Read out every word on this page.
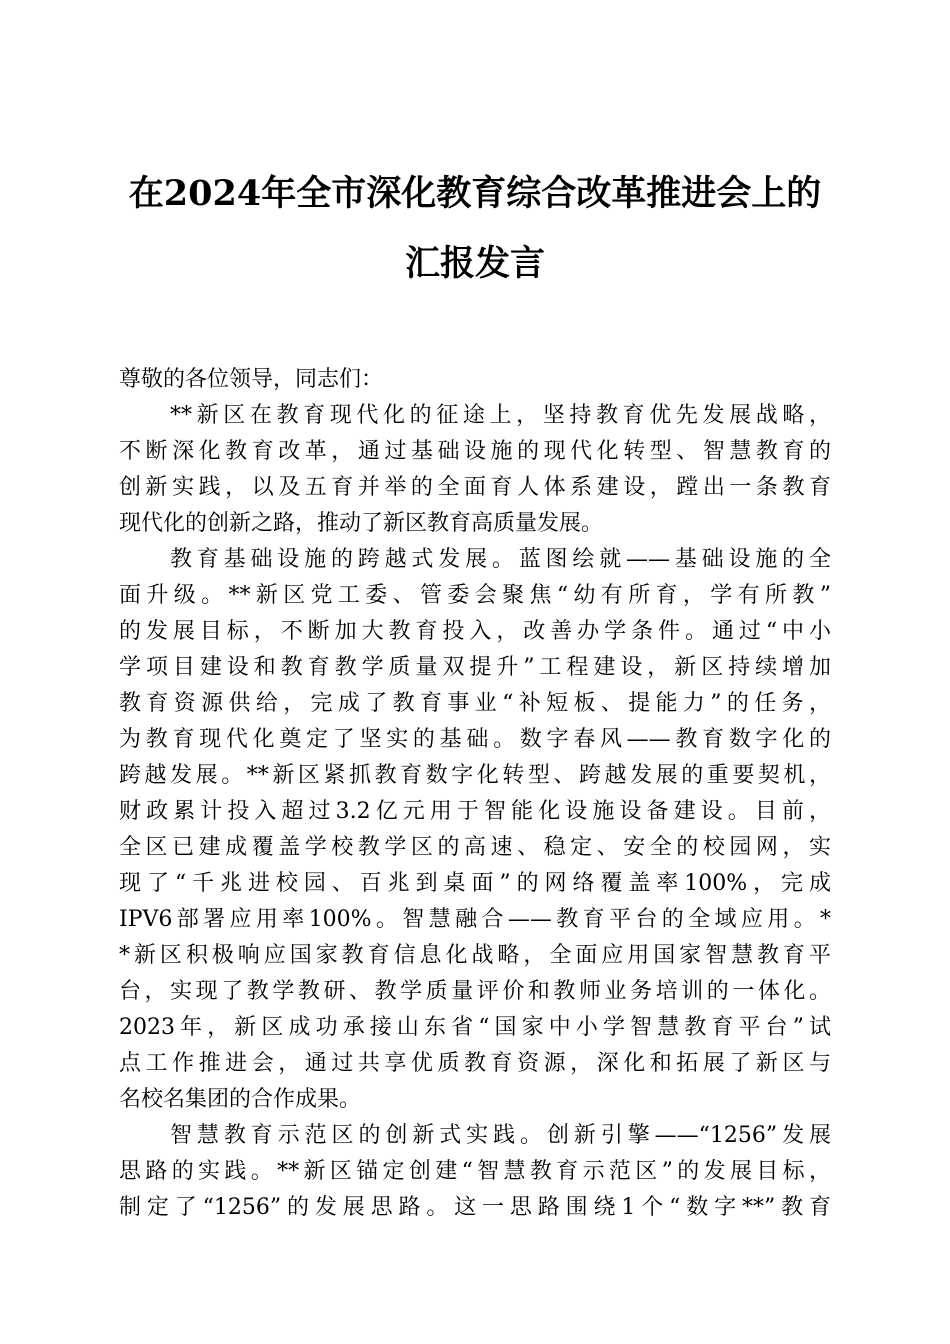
在2024年全市深化教育综合改革推进会上的
汇报发言
尊敬的各位领导，同志们：
**新区在教育现代化的征途上，坚持教育优先发展战略，
不断深化教育改革，通过基础设施的现代化转型、智慧教育的
创新实践，以及五育并举的全面育人体系建设，蹚出一条教育
现代化的创新之路，推动了新区教育高质量发展。
教育基础设施的跨越式发展。蓝图绘就——基础设施的全
面升级。**新区党工委、管委会聚焦“幼有所育，学有所教”
的发展目标，不断加大教育投入，改善办学条件。通过“中小
学项目建设和教育教学质量双提升”工程建设，新区持续增加
教育资源供给，完成了教育事业“补短板、提能力”的任务，
为教育现代化奠定了坚实的基础。数字春风——教育数字化的
跨越发展。**新区紧抓教育数字化转型、跨越发展的重要契机，
财政累计投入超过3.2亿元用于智能化设施设备建设。目前，
全区已建成覆盖学校教学区的高速、稳定、安全的校园网，实
现了“千兆进校园、百兆到桌面”的网络覆盖率100%，完成
IPV6部署应用率100%。智慧融合——教育平台的全域应用。*
*新区积极响应国家教育信息化战略，全面应用国家智慧教育平
台，实现了教学教研、教学质量评价和教师业务培训的一体化。
2023年，新区成功承接山东省“国家中小学智慧教育平台”试
点工作推进会，通过共享优质教育资源，深化和拓展了新区与
名校名集团的合作成果。
智慧教育示范区的创新式实践。创新引擎——“1256”发展
思路的实践。**新区锚定创建“智慧教育示范区”的发展目标，
制定了“1256”的发展思路。这一思路围绕1个“数字**”教育
